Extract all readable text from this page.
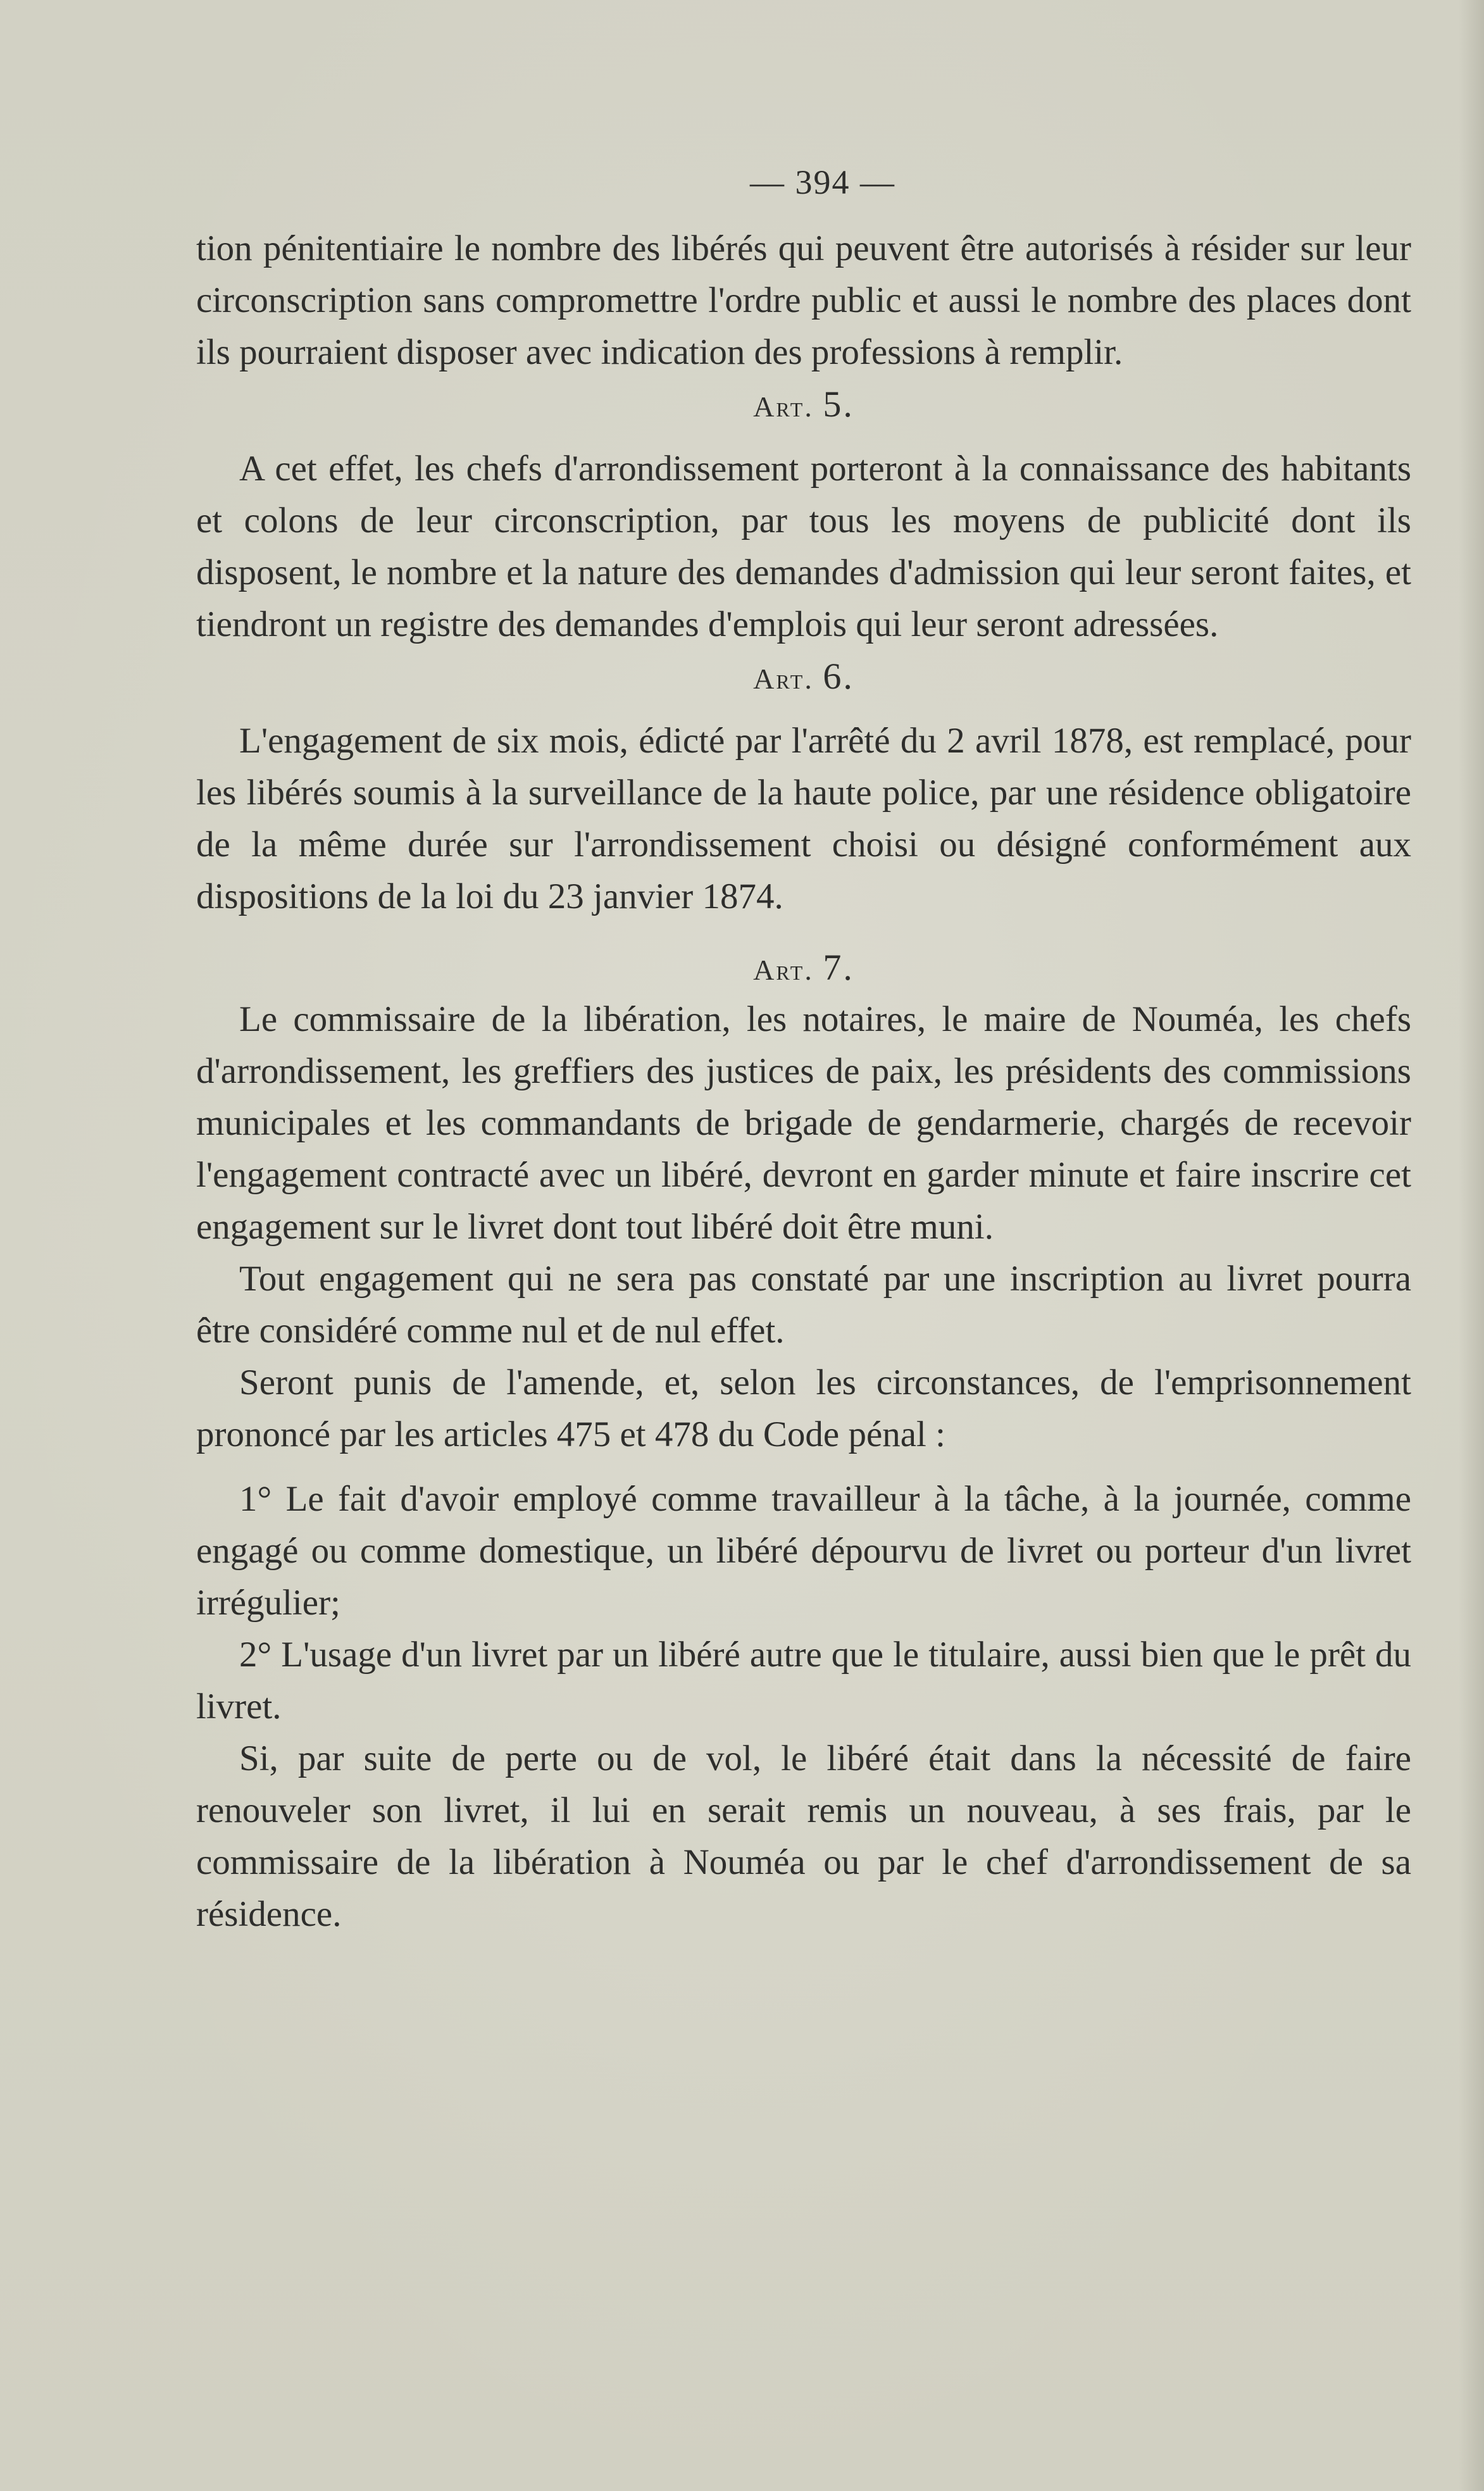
— 394 —

tion pénitentiaire le nombre des libérés qui peuvent être autorisés à résider sur leur circonscription sans compromettre l'ordre public et aussi le nombre des places dont ils pourraient disposer avec indication des professions à remplir.

Art. 5.

A cet effet, les chefs d'arrondissement porteront à la connaissance des habitants et colons de leur circonscription, par tous les moyens de publicité dont ils disposent, le nombre et la nature des demandes d'admission qui leur seront faites, et tiendront un registre des demandes d'emplois qui leur seront adressées.

Art. 6.

L'engagement de six mois, édicté par l'arrêté du 2 avril 1878, est remplacé, pour les libérés soumis à la surveillance de la haute police, par une résidence obligatoire de la même durée sur l'arrondissement choisi ou désigné conformément aux dispositions de la loi du 23 janvier 1874.

Art. 7.

Le commissaire de la libération, les notaires, le maire de Nouméa, les chefs d'arrondissement, les greffiers des justices de paix, les présidents des commissions municipales et les commandants de brigade de gendarmerie, chargés de recevoir l'engagement contracté avec un libéré, devront en garder minute et faire inscrire cet engagement sur le livret dont tout libéré doit être muni.

Tout engagement qui ne sera pas constaté par une inscription au livret pourra être considéré comme nul et de nul effet.

Seront punis de l'amende, et, selon les circonstances, de l'emprisonnement prononcé par les articles 475 et 478 du Code pénal :

1° Le fait d'avoir employé comme travailleur à la tâche, à la journée, comme engagé ou comme domestique, un libéré dépourvu de livret ou porteur d'un livret irrégulier;

2° L'usage d'un livret par un libéré autre que le titulaire, aussi bien que le prêt du livret.

Si, par suite de perte ou de vol, le libéré était dans la nécessité de faire renouveler son livret, il lui en serait remis un nouveau, à ses frais, par le commissaire de la libération à Nouméa ou par le chef d'arrondissement de sa résidence.
